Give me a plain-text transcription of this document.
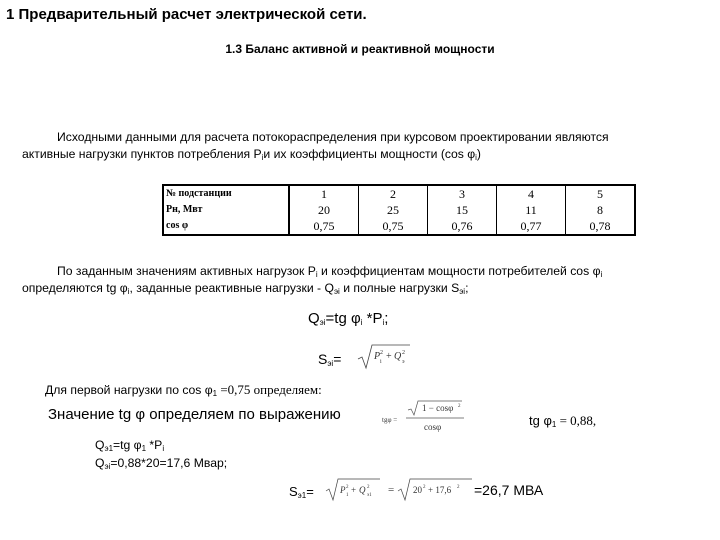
1 Предварительный расчет электрической сети.
1.3 Баланс активной и реактивной мощности
Исходными данными для расчета потокораспределения при курсовом проектировании являются
активные нагрузки пунктов потребления $P_iи$ их коэффициенты мощности (cos $\varphi_i$)
№ подстанции	1	2	3	4	5
Pн, Мвт	20	25	15	11	8
cos φ	0,75	0,75	0,76	0,77	0,78
По заданным значениям активных нагрузок $P_i$ и коэффициентам мощности потребителей $\cos \varphi_i$
определяются tg $\varphi_i$, заданные реактивные нагрузки - $Q_{эi}$ и полные нагрузки $S_{эi}$;
$Q_{эi}=tg$ $\varphi_i$ $*P_i$;
$S_{эi}=$	P 2
i + Q 2
э
Для первой нагрузки по $\cos \varphi_1 =0,75$ определяем:
Значение tg φ определяем по выражению	tgφ =
1 − cosφ 2
cosφ	tg $\varphi_1 = 0,88$,
$Q_{э1}=tg$ $\varphi_1$ $*P_i$
$Q_{эi}=0,88*20=17,6$ Мвар;
$S_{э1}=$	P 2
1
+ Q 2
э1 = 20 2 + 17,6 2 =26,7 МВА
